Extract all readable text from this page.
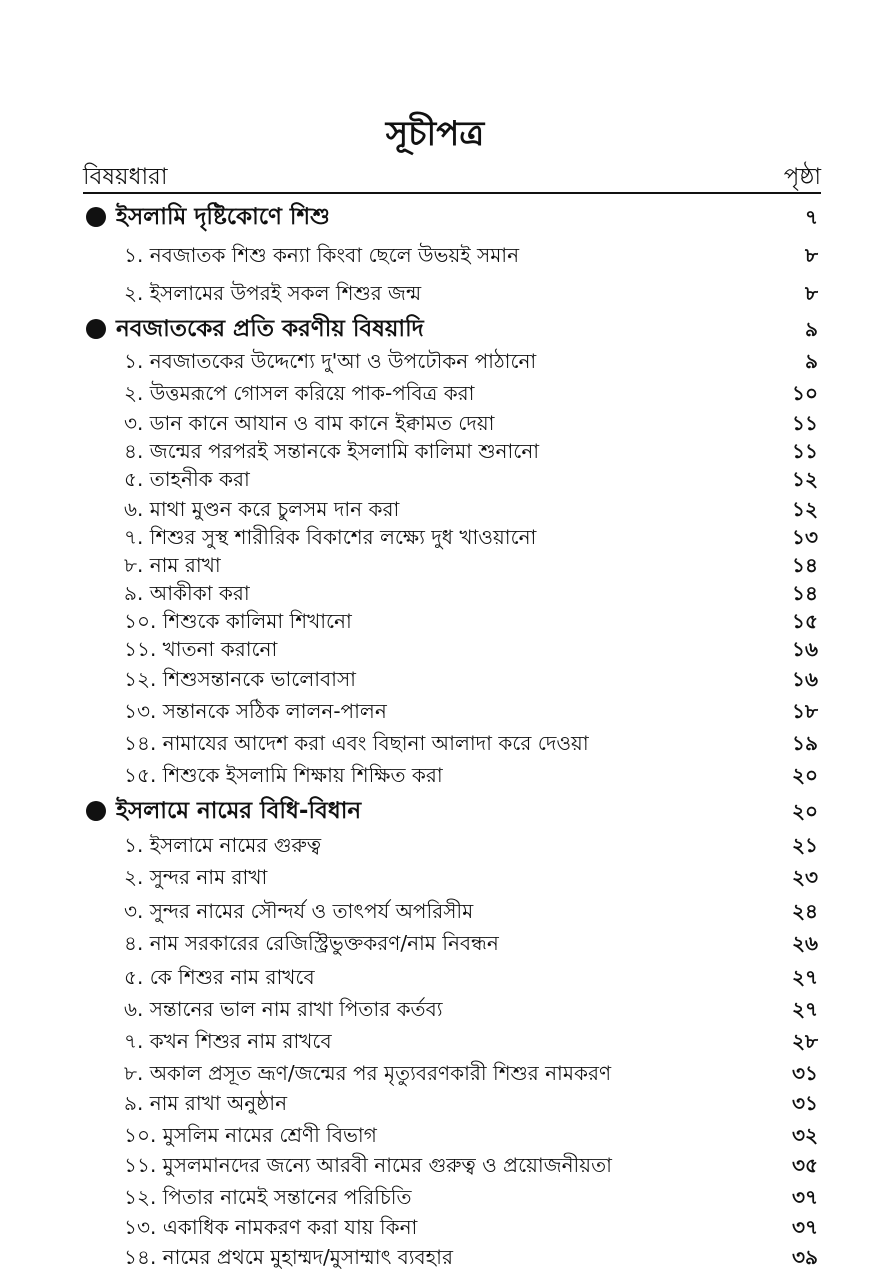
সূচীপত্র
বিষয়ধারা	পৃষ্ঠা
ইসলামি দৃষ্টিকোণে শিশু	৭
১. নবজাতক শিশু কন্যা কিংবা ছেলে উভয়ই সমান	৮
২. ইসলামের উপরই সকল শিশুর জন্ম	৮
নবজাতকের প্রতি করণীয় বিষয়াদি	৯
১. নবজাতকের উদ্দেশ্যে দু'আ ও উপঢৌকন পাঠানো	৯
২. উত্তমরূপে গোসল করিয়ে পাক-পবিত্র করা	১০
৩. ডান কানে আযান ও বাম কানে ইক্বামত দেয়া	১১
৪. জন্মের পরপরই সন্তানকে ইসলামি কালিমা শুনানো	১১
৫. তাহনীক করা	১২
৬. মাথা মুণ্ডন করে চুলসম দান করা	১২
৭. শিশুর সুস্থ শারীরিক বিকাশের লক্ষ্যে দুধ খাওয়ানো	১৩
৮. নাম রাখা	১৪
৯. আকীকা করা	১৪
১০. শিশুকে কালিমা শিখানো	১৫
১১. খাতনা করানো	১৬
১২. শিশুসন্তানকে ভালোবাসা	১৬
১৩. সন্তানকে সঠিক লালন-পালন	১৮
১৪. নামাযের আদেশ করা এবং বিছানা আলাদা করে দেওয়া	১৯
১৫. শিশুকে ইসলামি শিক্ষায় শিক্ষিত করা	২০
ইসলামে নামের বিধি-বিধান	২০
১. ইসলামে নামের গুরুত্ব	২১
২. সুন্দর নাম রাখা	২৩
৩. সুন্দর নামের সৌন্দর্য ও তাৎপর্য অপরিসীম	২৪
৪. নাম সরকারের রেজিস্ট্রিভুক্তকরণ/নাম নিবন্ধন	২৬
৫. কে শিশুর নাম রাখবে	২৭
৬. সন্তানের ভাল নাম রাখা পিতার কর্তব্য	২৭
৭. কখন শিশুর নাম রাখবে	২৮
৮. অকাল প্রসূত ভ্রূণ/জন্মের পর মৃত্যুবরণকারী শিশুর নামকরণ	৩১
৯. নাম রাখা অনুষ্ঠান	৩১
১০. মুসলিম নামের শ্রেণী বিভাগ	৩২
১১. মুসলমানদের জন্যে আরবী নামের গুরুত্ব ও প্রয়োজনীয়তা	৩৫
১২. পিতার নামেই সন্তানের পরিচিতি	৩৭
১৩. একাধিক নামকরণ করা যায় কিনা	৩৭
১৪. নামের প্রথমে মুহাম্মদ/মুসাম্মাৎ ব্যবহার	৩৯
